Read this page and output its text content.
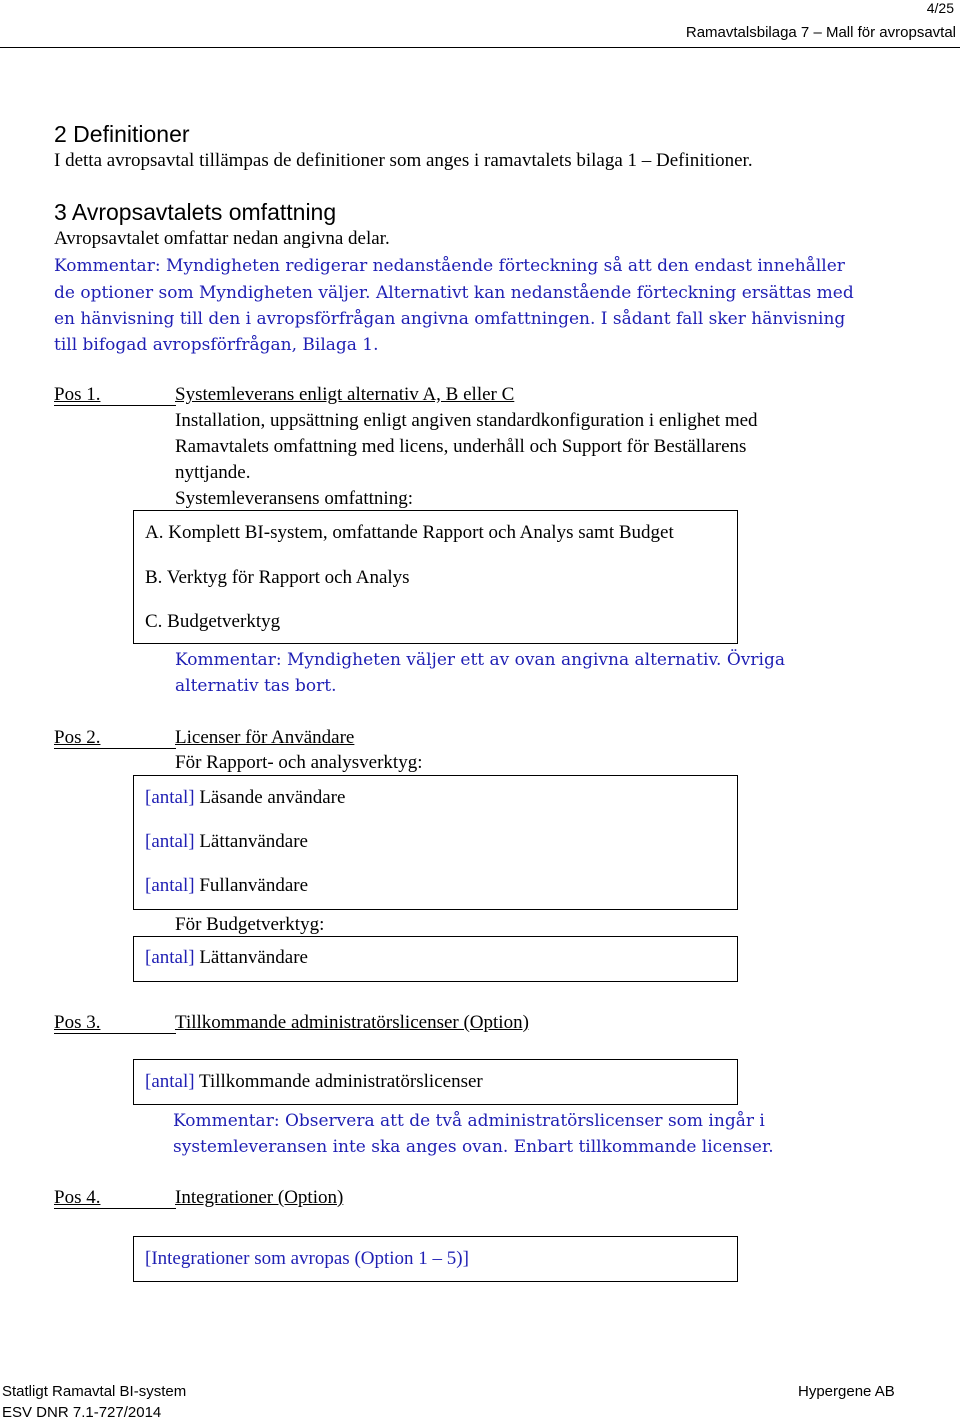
4/25
Ramavtalsbilaga 7 – Mall för avropsavtal
2 Definitioner
I detta avropsavtal tillämpas de definitioner som anges i ramavtalets bilaga 1 – Definitioner.
3 Avropsavtalets omfattning
Avropsavtalet omfattar nedan angivna delar.
Kommentar: Myndigheten redigerar nedanstående förteckning så att den endast innehåller
de optioner som Myndigheten väljer. Alternativt kan nedanstående förteckning ersättas med
en hänvisning till den i avropsförfrågan angivna omfattningen. I sådant fall sker hänvisning
till bifogad avropsförfrågan, Bilaga 1.
Pos 1.	Systemleverans enligt alternativ A, B eller C
Installation, uppsättning enligt angiven standardkonfiguration i enlighet med
Ramavtalets omfattning med licens, underhåll och Support för Beställarens
nyttjande.
Systemleveransens omfattning:
A. Komplett BI-system, omfattande Rapport och Analys samt Budget
B. Verktyg för Rapport och Analys
C. Budgetverktyg
Kommentar: Myndigheten väljer ett av ovan angivna alternativ. Övriga
alternativ tas bort.
Pos 2.	Licenser för Användare
För Rapport- och analysverktyg:
[antal] Läsande användare
[antal] Lättanvändare
[antal] Fullanvändare
För Budgetverktyg:
[antal] Lättanvändare
Pos 3.	Tillkommande administratörslicenser (Option)
[antal] Tillkommande administratörslicenser
Kommentar: Observera att de två administratörslicenser som ingår i
systemleveransen inte ska anges ovan. Enbart tillkommande licenser.
Pos 4.	Integrationer (Option)
[Integrationer som avropas (Option 1 – 5)]
Statligt Ramavtal BI-system
ESV DNR 7.1-727/2014
Hypergene AB
